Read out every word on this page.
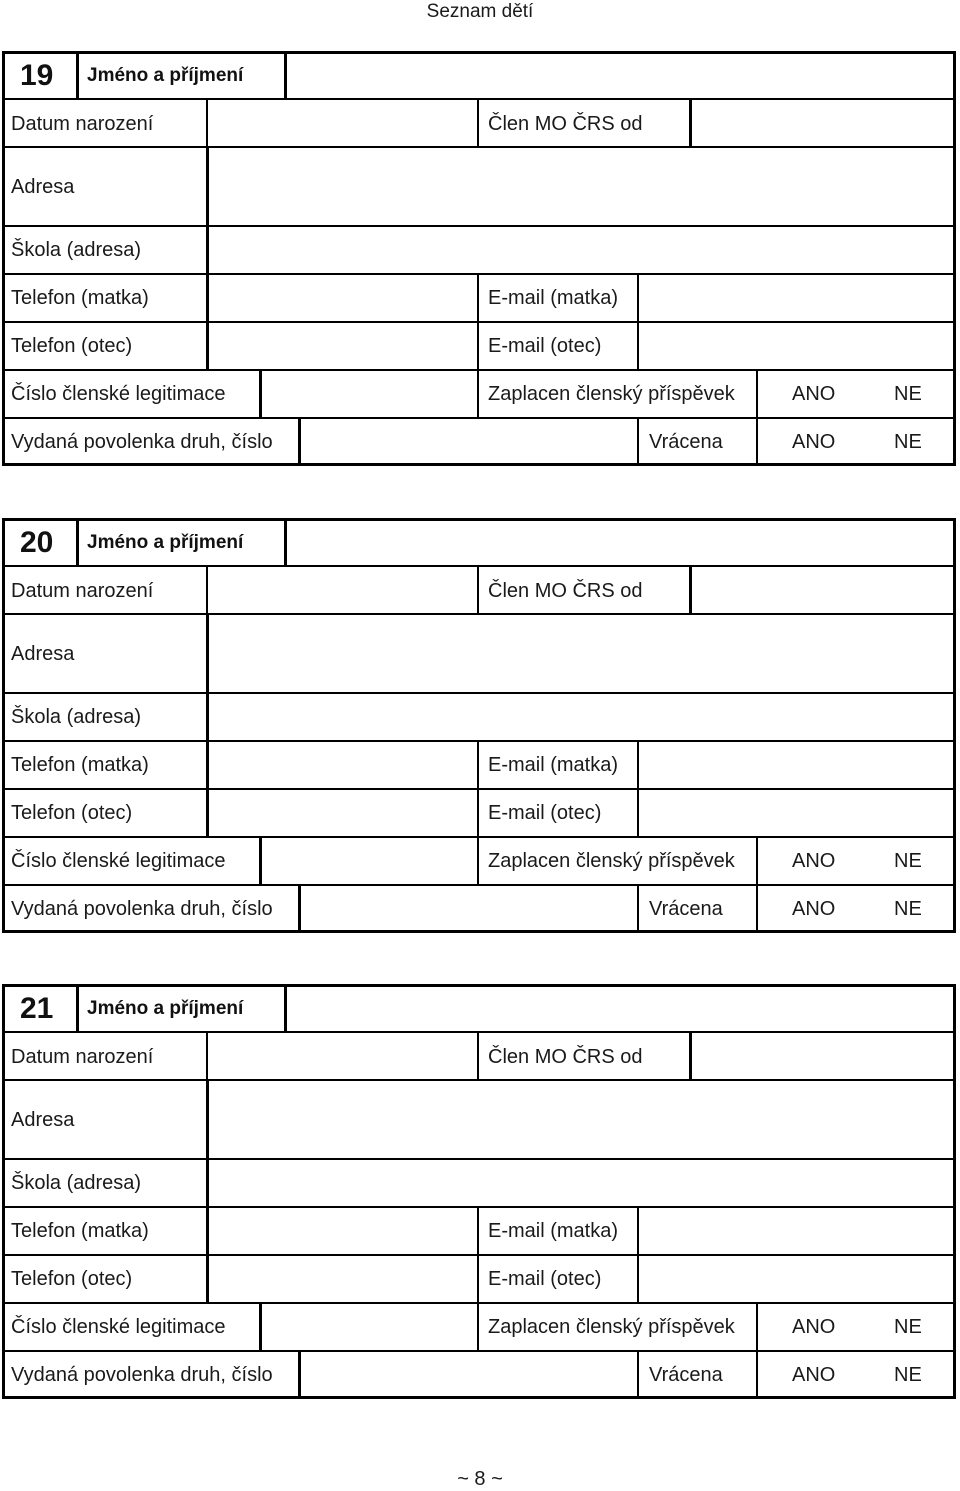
Seznam dětí
19 Jméno a příjmení
Datum narození	Člen MO ČRS od
Adresa
Škola (adresa)
Telefon (matka)	E-mail (matka)
Telefon (otec)	E-mail (otec)
Číslo členské legitimace	Zaplacen členský příspěvek	ANO	NE
Vydaná povolenka druh, číslo	Vrácena	ANO	NE
20 Jméno a příjmení
Datum narození	Člen MO ČRS od
Adresa
Škola (adresa)
Telefon (matka)	E-mail (matka)
Telefon (otec)	E-mail (otec)
Číslo členské legitimace	Zaplacen členský příspěvek	ANO	NE
Vydaná povolenka druh, číslo	Vrácena	ANO	NE
21 Jméno a příjmení
Datum narození	Člen MO ČRS od
Adresa
Škola (adresa)
Telefon (matka)	E-mail (matka)
Telefon (otec)	E-mail (otec)
Číslo členské legitimace	Zaplacen členský příspěvek	ANO	NE
Vydaná povolenka druh, číslo	Vrácena	ANO	NE
~ 8 ~
